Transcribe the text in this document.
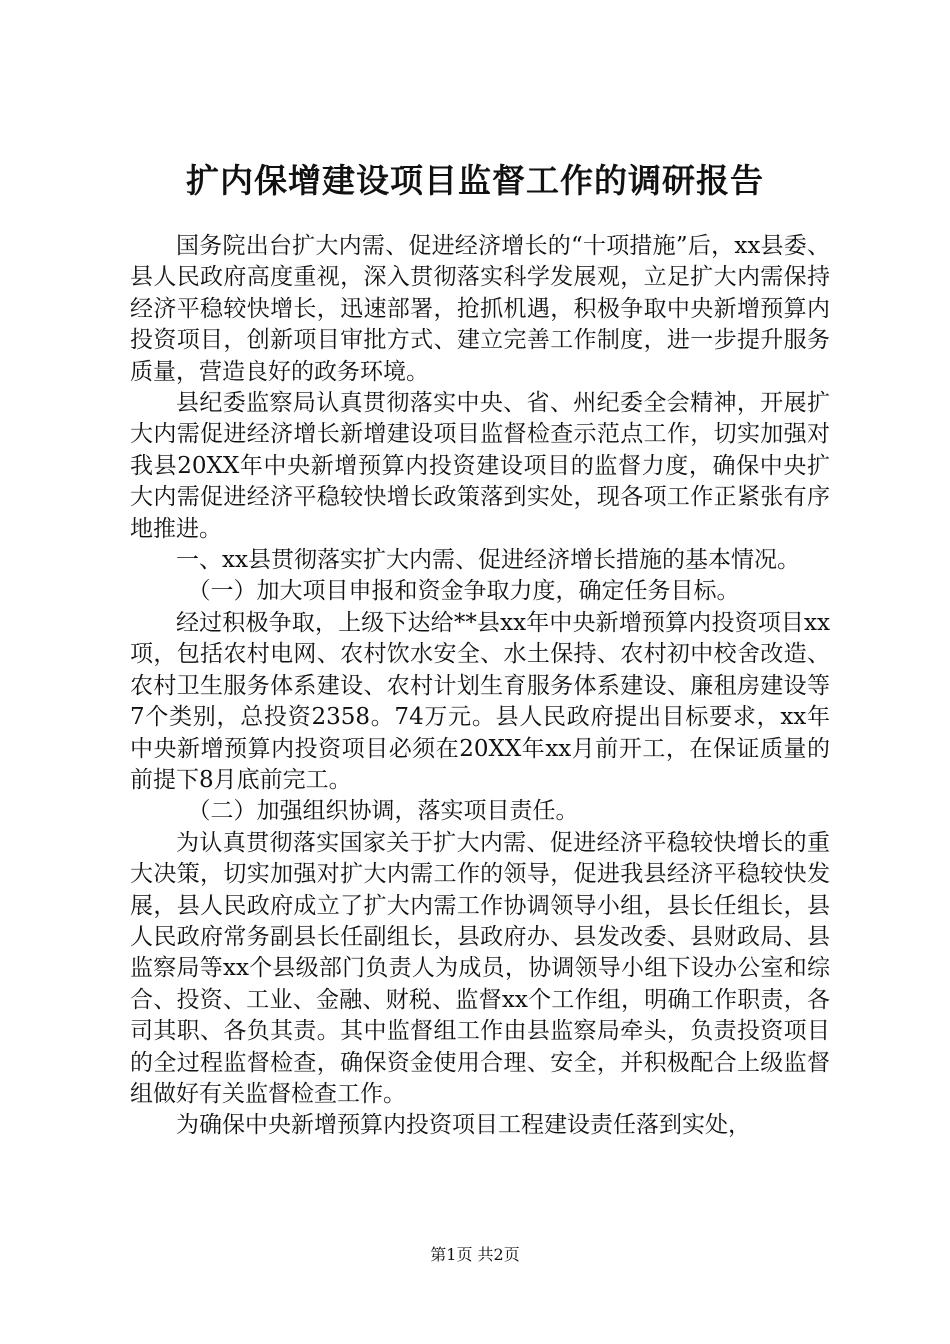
扩内保增建设项目监督工作的调研报告

国务院出台扩大内需、促进经济增长的“十项措施”后，xx县委、县人民政府高度重视，深入贯彻落实科学发展观，立足扩大内需保持经济平稳较快增长，迅速部署，抢抓机遇，积极争取中央新增预算内投资项目，创新项目审批方式、建立完善工作制度，进一步提升服务质量，营造良好的政务环境。

县纪委监察局认真贯彻落实中央、省、州纪委全会精神，开展扩大内需促进经济增长新增建设项目监督检查示范点工作，切实加强对我县20XX年中央新增预算内投资建设项目的监督力度，确保中央扩大内需促进经济平稳较快增长政策落到实处，现各项工作正紧张有序地推进。

一、xx县贯彻落实扩大内需、促进经济增长措施的基本情况。

（一）加大项目申报和资金争取力度，确定任务目标。

经过积极争取，上级下达给**县xx年中央新增预算内投资项目xx项，包括农村电网、农村饮水安全、水土保持、农村初中校舍改造、农村卫生服务体系建设、农村计划生育服务体系建设、廉租房建设等7个类别，总投资2358。74万元。县人民政府提出目标要求，xx年中央新增预算内投资项目必须在20XX年xx月前开工，在保证质量的前提下8月底前完工。

（二）加强组织协调，落实项目责任。

为认真贯彻落实国家关于扩大内需、促进经济平稳较快增长的重大决策，切实加强对扩大内需工作的领导，促进我县经济平稳较快发展，县人民政府成立了扩大内需工作协调领导小组，县长任组长，县人民政府常务副县长任副组长，县政府办、县发改委、县财政局、县监察局等xx个县级部门负责人为成员，协调领导小组下设办公室和综合、投资、工业、金融、财税、监督xx个工作组，明确工作职责，各司其职、各负其责。其中监督组工作由县监察局牵头，负责投资项目的全过程监督检查，确保资金使用合理、安全，并积极配合上级监督组做好有关监督检查工作。

为确保中央新增预算内投资项目工程建设责任落到实处，

第1页 共2页
